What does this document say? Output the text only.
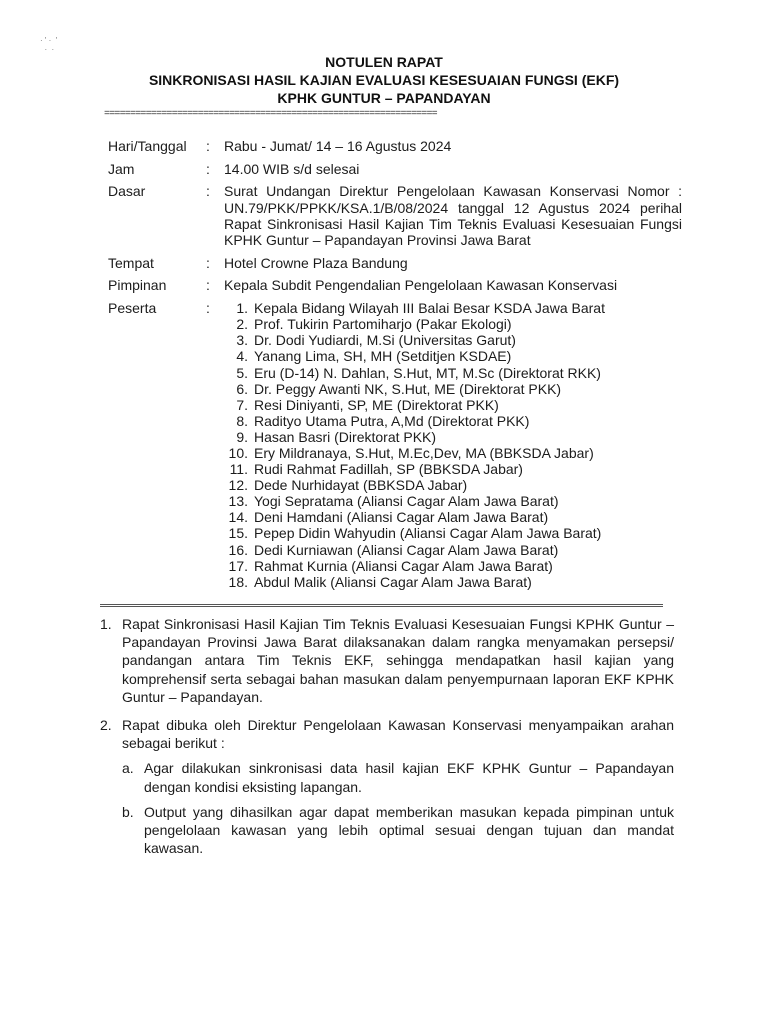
· ' ·  '
·  ·
NOTULEN RAPAT
SINKRONISASI HASIL KAJIAN EVALUASI KESESUAIAN FUNGSI (EKF)
KPHK GUNTUR – PAPANDAYAN
================================================================
Hari/Tanggal	:	Rabu - Jumat/ 14 – 16 Agustus 2024
Jam	:	14.00 WIB s/d selesai
Dasar	:	Surat Undangan Direktur Pengelolaan Kawasan Konservasi Nomor : UN.79/PKK/PPKK/KSA.1/B/08/2024 tanggal 12 Agustus 2024 perihal Rapat Sinkronisasi Hasil Kajian Tim Teknis Evaluasi Kesesuaian Fungsi KPHK Guntur – Papandayan Provinsi Jawa Barat
Tempat	:	Hotel Crowne Plaza Bandung
Pimpinan	:	Kepala Subdit Pengendalian Pengelolaan Kawasan Konservasi
Peserta	:	1. Kepala Bidang Wilayah III Balai Besar KSDA Jawa Barat
2. Prof. Tukirin Partomiharjo (Pakar Ekologi)
3. Dr. Dodi Yudiardi, M.Si (Universitas Garut)
4. Yanang Lima, SH, MH (Setditjen KSDAE)
5. Eru (D-14) N. Dahlan, S.Hut, MT, M.Sc (Direktorat RKK)
6. Dr. Peggy Awanti NK, S.Hut, ME (Direktorat PKK)
7. Resi Diniyanti, SP, ME (Direktorat PKK)
8. Radityo Utama Putra, A,Md (Direktorat PKK)
9. Hasan Basri (Direktorat PKK)
10. Ery Mildranaya, S.Hut, M.Ec,Dev, MA (BBKSDA Jabar)
11. Rudi Rahmat Fadillah, SP (BBKSDA Jabar)
12. Dede Nurhidayat (BBKSDA Jabar)
13. Yogi Sepratama (Aliansi Cagar Alam Jawa Barat)
14. Deni Hamdani (Aliansi Cagar Alam Jawa Barat)
15. Pepep Didin Wahyudin (Aliansi Cagar Alam Jawa Barat)
16. Dedi Kurniawan (Aliansi Cagar Alam Jawa Barat)
17. Rahmat Kurnia (Aliansi Cagar Alam Jawa Barat)
18. Abdul Malik (Aliansi Cagar Alam Jawa Barat)
1. Rapat Sinkronisasi Hasil Kajian Tim Teknis Evaluasi Kesesuaian Fungsi KPHK Guntur – Papandayan Provinsi Jawa Barat dilaksanakan dalam rangka menyamakan persepsi/ pandangan antara Tim Teknis EKF, sehingga mendapatkan hasil kajian yang komprehensif serta sebagai bahan masukan dalam penyempurnaan laporan EKF KPHK Guntur – Papandayan.
2. Rapat dibuka oleh Direktur Pengelolaan Kawasan Konservasi menyampaikan arahan sebagai berikut :
a. Agar dilakukan sinkronisasi data hasil kajian EKF KPHK Guntur – Papandayan dengan kondisi eksisting lapangan.
b. Output yang dihasilkan agar dapat memberikan masukan kepada pimpinan untuk pengelolaan kawasan yang lebih optimal sesuai dengan tujuan dan mandat kawasan.
